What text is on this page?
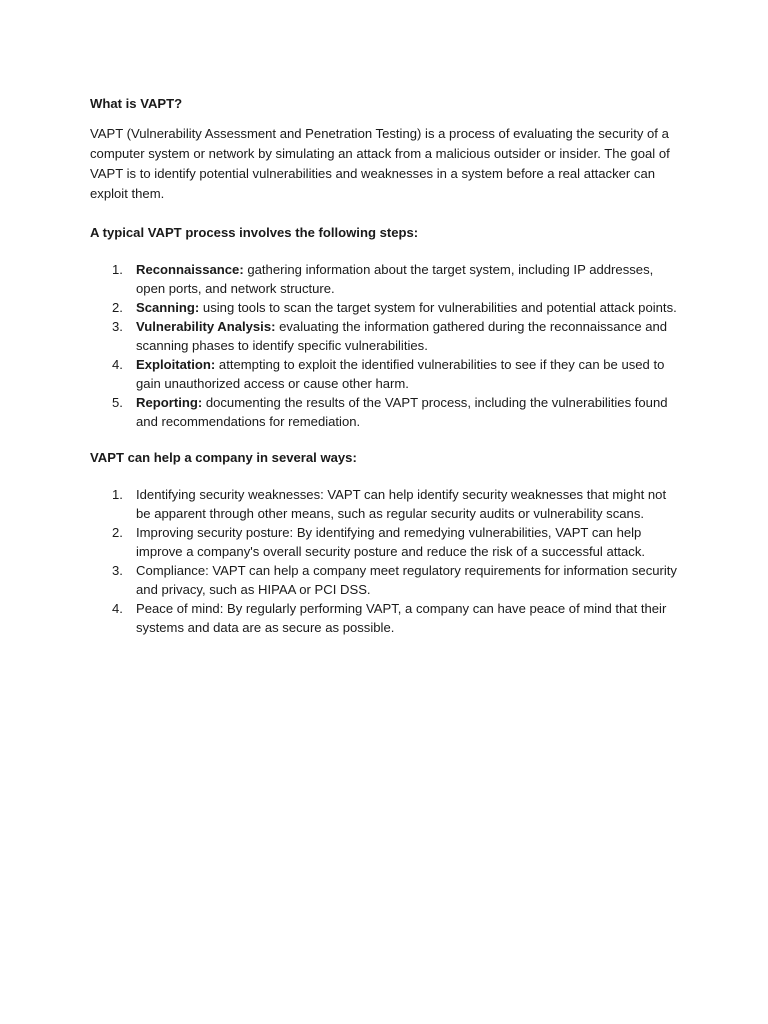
What is VAPT?

VAPT (Vulnerability Assessment and Penetration Testing) is a process of evaluating the security of a computer system or network by simulating an attack from a malicious outsider or insider. The goal of VAPT is to identify potential vulnerabilities and weaknesses in a system before a real attacker can exploit them.

A typical VAPT process involves the following steps:

1. Reconnaissance: gathering information about the target system, including IP addresses, open ports, and network structure.
2. Scanning: using tools to scan the target system for vulnerabilities and potential attack points.
3. Vulnerability Analysis: evaluating the information gathered during the reconnaissance and scanning phases to identify specific vulnerabilities.
4. Exploitation: attempting to exploit the identified vulnerabilities to see if they can be used to gain unauthorized access or cause other harm.
5. Reporting: documenting the results of the VAPT process, including the vulnerabilities found and recommendations for remediation.

VAPT can help a company in several ways:

1. Identifying security weaknesses: VAPT can help identify security weaknesses that might not be apparent through other means, such as regular security audits or vulnerability scans.
2. Improving security posture: By identifying and remedying vulnerabilities, VAPT can help improve a company's overall security posture and reduce the risk of a successful attack.
3. Compliance: VAPT can help a company meet regulatory requirements for information security and privacy, such as HIPAA or PCI DSS.
4. Peace of mind: By regularly performing VAPT, a company can have peace of mind that their systems and data are as secure as possible.
